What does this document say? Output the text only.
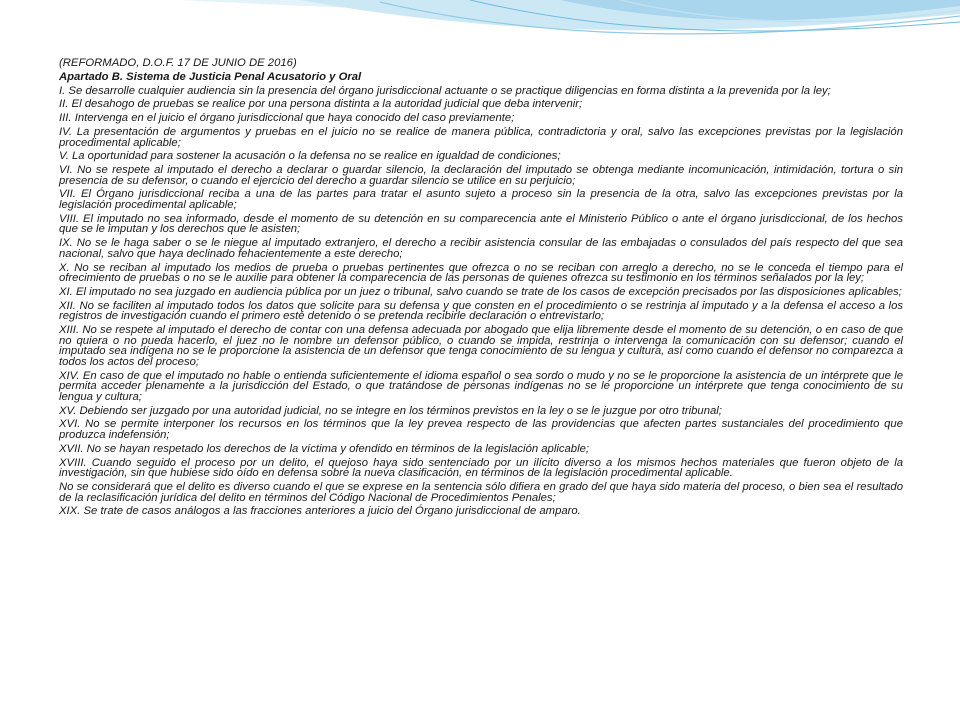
(REFORMADO, D.O.F. 17 DE JUNIO DE 2016)

Apartado B. Sistema de Justicia Penal Acusatorio y Oral

I. Se desarrolle cualquier audiencia sin la presencia del órgano jurisdiccional actuante o se practique diligencias en forma distinta a la prevenida por la ley;

II. El desahogo de pruebas se realice por una persona distinta a la autoridad judicial que deba intervenir;

III. Intervenga en el juicio el órgano jurisdiccional que haya conocido del caso previamente;

IV. La presentación de argumentos y pruebas en el juicio no se realice de manera pública, contradictoria y oral, salvo las excepciones previstas por la legislación procedimental aplicable;

V. La oportunidad para sostener la acusación o la defensa no se realice en igualdad de condiciones;

VI. No se respete al imputado el derecho a declarar o guardar silencio, la declaración del imputado se obtenga mediante incomunicación, intimidación, tortura o sin presencia de su defensor, o cuando el ejercicio del derecho a guardar silencio se utilice en su perjuicio;

VII. El Órgano jurisdiccional reciba a una de las partes para tratar el asunto sujeto a proceso sin la presencia de la otra, salvo las excepciones previstas por la legislación procedimental aplicable;

VIII. El imputado no sea informado, desde el momento de su detención en su comparecencia ante el Ministerio Público o ante el órgano jurisdiccional, de los hechos que se le imputan y los derechos que le asisten;

IX. No se le haga saber o se le niegue al imputado extranjero, el derecho a recibir asistencia consular de las embajadas o consulados del país respecto del que sea nacional, salvo que haya declinado fehacientemente a este derecho;

X. No se reciban al imputado los medios de prueba o pruebas pertinentes que ofrezca o no se reciban con arreglo a derecho, no se le conceda el tiempo para el ofrecimiento de pruebas o no se le auxilie para obtener la comparecencia de las personas de quienes ofrezca su testimonio en los términos señalados por la ley;

XI. El imputado no sea juzgado en audiencia pública por un juez o tribunal, salvo cuando se trate de los casos de excepción precisados por las disposiciones aplicables;

XII. No se faciliten al imputado todos los datos que solicite para su defensa y que consten en el procedimiento o se restrinja al imputado y a la defensa el acceso a los registros de investigación cuando el primero esté detenido o se pretenda recibirle declaración o entrevistarlo;

XIII. No se respete al imputado el derecho de contar con una defensa adecuada por abogado que elija libremente desde el momento de su detención, o en caso de que no quiera o no pueda hacerlo, el juez no le nombre un defensor público, o cuando se impida, restrinja o intervenga la comunicación con su defensor; cuando el imputado sea indígena no se le proporcione la asistencia de un defensor que tenga conocimiento de su lengua y cultura, así como cuando el defensor no comparezca a todos los actos del proceso;

XIV. En caso de que el imputado no hable o entienda suficientemente el idioma español o sea sordo o mudo y no se le proporcione la asistencia de un intérprete que le permita acceder plenamente a la jurisdicción del Estado, o que tratándose de personas indígenas no se le proporcione un intérprete que tenga conocimiento de su lengua y cultura;

XV. Debiendo ser juzgado por una autoridad judicial, no se integre en los términos previstos en la ley o se le juzgue por otro tribunal;

XVI. No se permite interponer los recursos en los términos que la ley prevea respecto de las providencias que afecten partes sustanciales del procedimiento que produzca indefensión;

XVII. No se hayan respetado los derechos de la víctima y ofendido en términos de la legislación aplicable;

XVIII. Cuando seguido el proceso por un delito, el quejoso haya sido sentenciado por un ilícito diverso a los mismos hechos materiales que fueron objeto de la investigación, sin que hubiese sido oído en defensa sobre la nueva clasificación, en términos de la legislación procedimental aplicable.

No se considerará que el delito es diverso cuando el que se exprese en la sentencia sólo difiera en grado del que haya sido materia del proceso, o bien sea el resultado de la reclasificación jurídica del delito en términos del Código Nacional de Procedimientos Penales;

XIX. Se trate de casos análogos a las fracciones anteriores a juicio del Órgano jurisdiccional de amparo.
